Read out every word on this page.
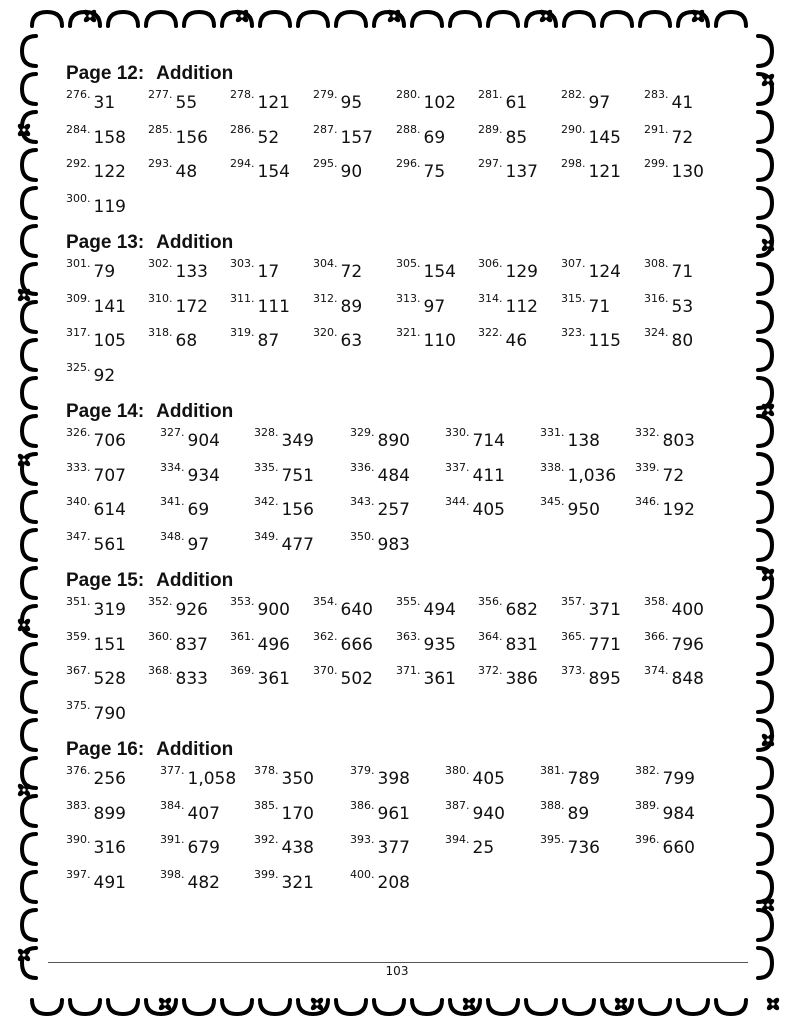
Page 12: Addition
$^{276.}$ 31	$^{277.}$ 55	$^{278.}$ 121 $^{279.}$ 95	$^{280.}$ 102 $^{281.}$ 61	$^{282.}$ 97	$^{283.}$ 41
$^{284.}$ 158 $^{285.}$ 156 $^{286.}$ 52	$^{287.}$ 157 $^{288.}$ 69	$^{289.}$ 85	$^{290.}$ 145 $^{291.}$ 72
$^{292.}$ 122 $^{293.}$ 48	$^{294.}$ 154 $^{295.}$ 90	$^{296.}$ 75	$^{297.}$ 137 $^{298.}$ 121 $^{299.}$ 130
$^{300.}$ 119
Page 13: Addition
$^{301.}$ 79	$^{302.}$ 133 $^{303.}$ 17	$^{304.}$ 72	$^{305.}$ 154 $^{306.}$ 129 $^{307.}$ 124 $^{308.}$ 71
$^{309.}$ 141 $^{310.}$ 172 $^{311.}$ 111 $^{312.}$ 89	$^{313.}$ 97	$^{314.}$ 112 $^{315.}$ 71	$^{316.}$ 53
$^{317.}$ 105 $^{318.}$ 68	$^{319.}$ 87	$^{320.}$ 63	$^{321.}$ 110 $^{322.}$ 46	$^{323.}$ 115 $^{324.}$ 80
$^{325.}$ 92
Page 14: Addition
$^{326.}$ 706	$^{327.}$ 904	$^{328.}$ 349	$^{329.}$ 890	$^{330.}$ 714	$^{331.}$ 138	$^{332.}$ 803
$^{333.}$ 707	$^{334.}$ 934	$^{335.}$ 751	$^{336.}$ 484	$^{337.}$ 411	$^{338.}$ 1,036 $^{339.}$ 72
$^{340.}$ 614	$^{341.}$ 69	$^{342.}$ 156	$^{343.}$ 257	$^{344.}$ 405	$^{345.}$ 950	$^{346.}$ 192
$^{347.}$ 561	$^{348.}$ 97	$^{349.}$ 477	$^{350.}$ 983
Page 15: Addition
$^{351.}$ 319 $^{352.}$ 926 $^{353.}$ 900 $^{354.}$ 640 $^{355.}$ 494 $^{356.}$ 682 $^{357.}$ 371 $^{358.}$ 400
$^{359.}$ 151 $^{360.}$ 837 $^{361.}$ 496 $^{362.}$ 666 $^{363.}$ 935 $^{364.}$ 831 $^{365.}$ 771 $^{366.}$ 796
$^{367.}$ 528 $^{368.}$ 833 $^{369.}$ 361 $^{370.}$ 502 $^{371.}$ 361 $^{372.}$ 386 $^{373.}$ 895 $^{374.}$ 848
$^{375.}$ 790
Page 16: Addition
$^{376.}$ 256	$^{377.}$ 1,058 $^{378.}$ 350	$^{379.}$ 398	$^{380.}$ 405	$^{381.}$ 789	$^{382.}$ 799
$^{383.}$ 899	$^{384.}$ 407	$^{385.}$ 170	$^{386.}$ 961	$^{387.}$ 940	$^{388.}$ 89	$^{389.}$ 984
$^{390.}$ 316	$^{391.}$ 679	$^{392.}$ 438	$^{393.}$ 377	$^{394.}$ 25	$^{395.}$ 736	$^{396.}$ 660
$^{397.}$ 491	$^{398.}$ 482	$^{399.}$ 321	$^{400.}$ 208
103
